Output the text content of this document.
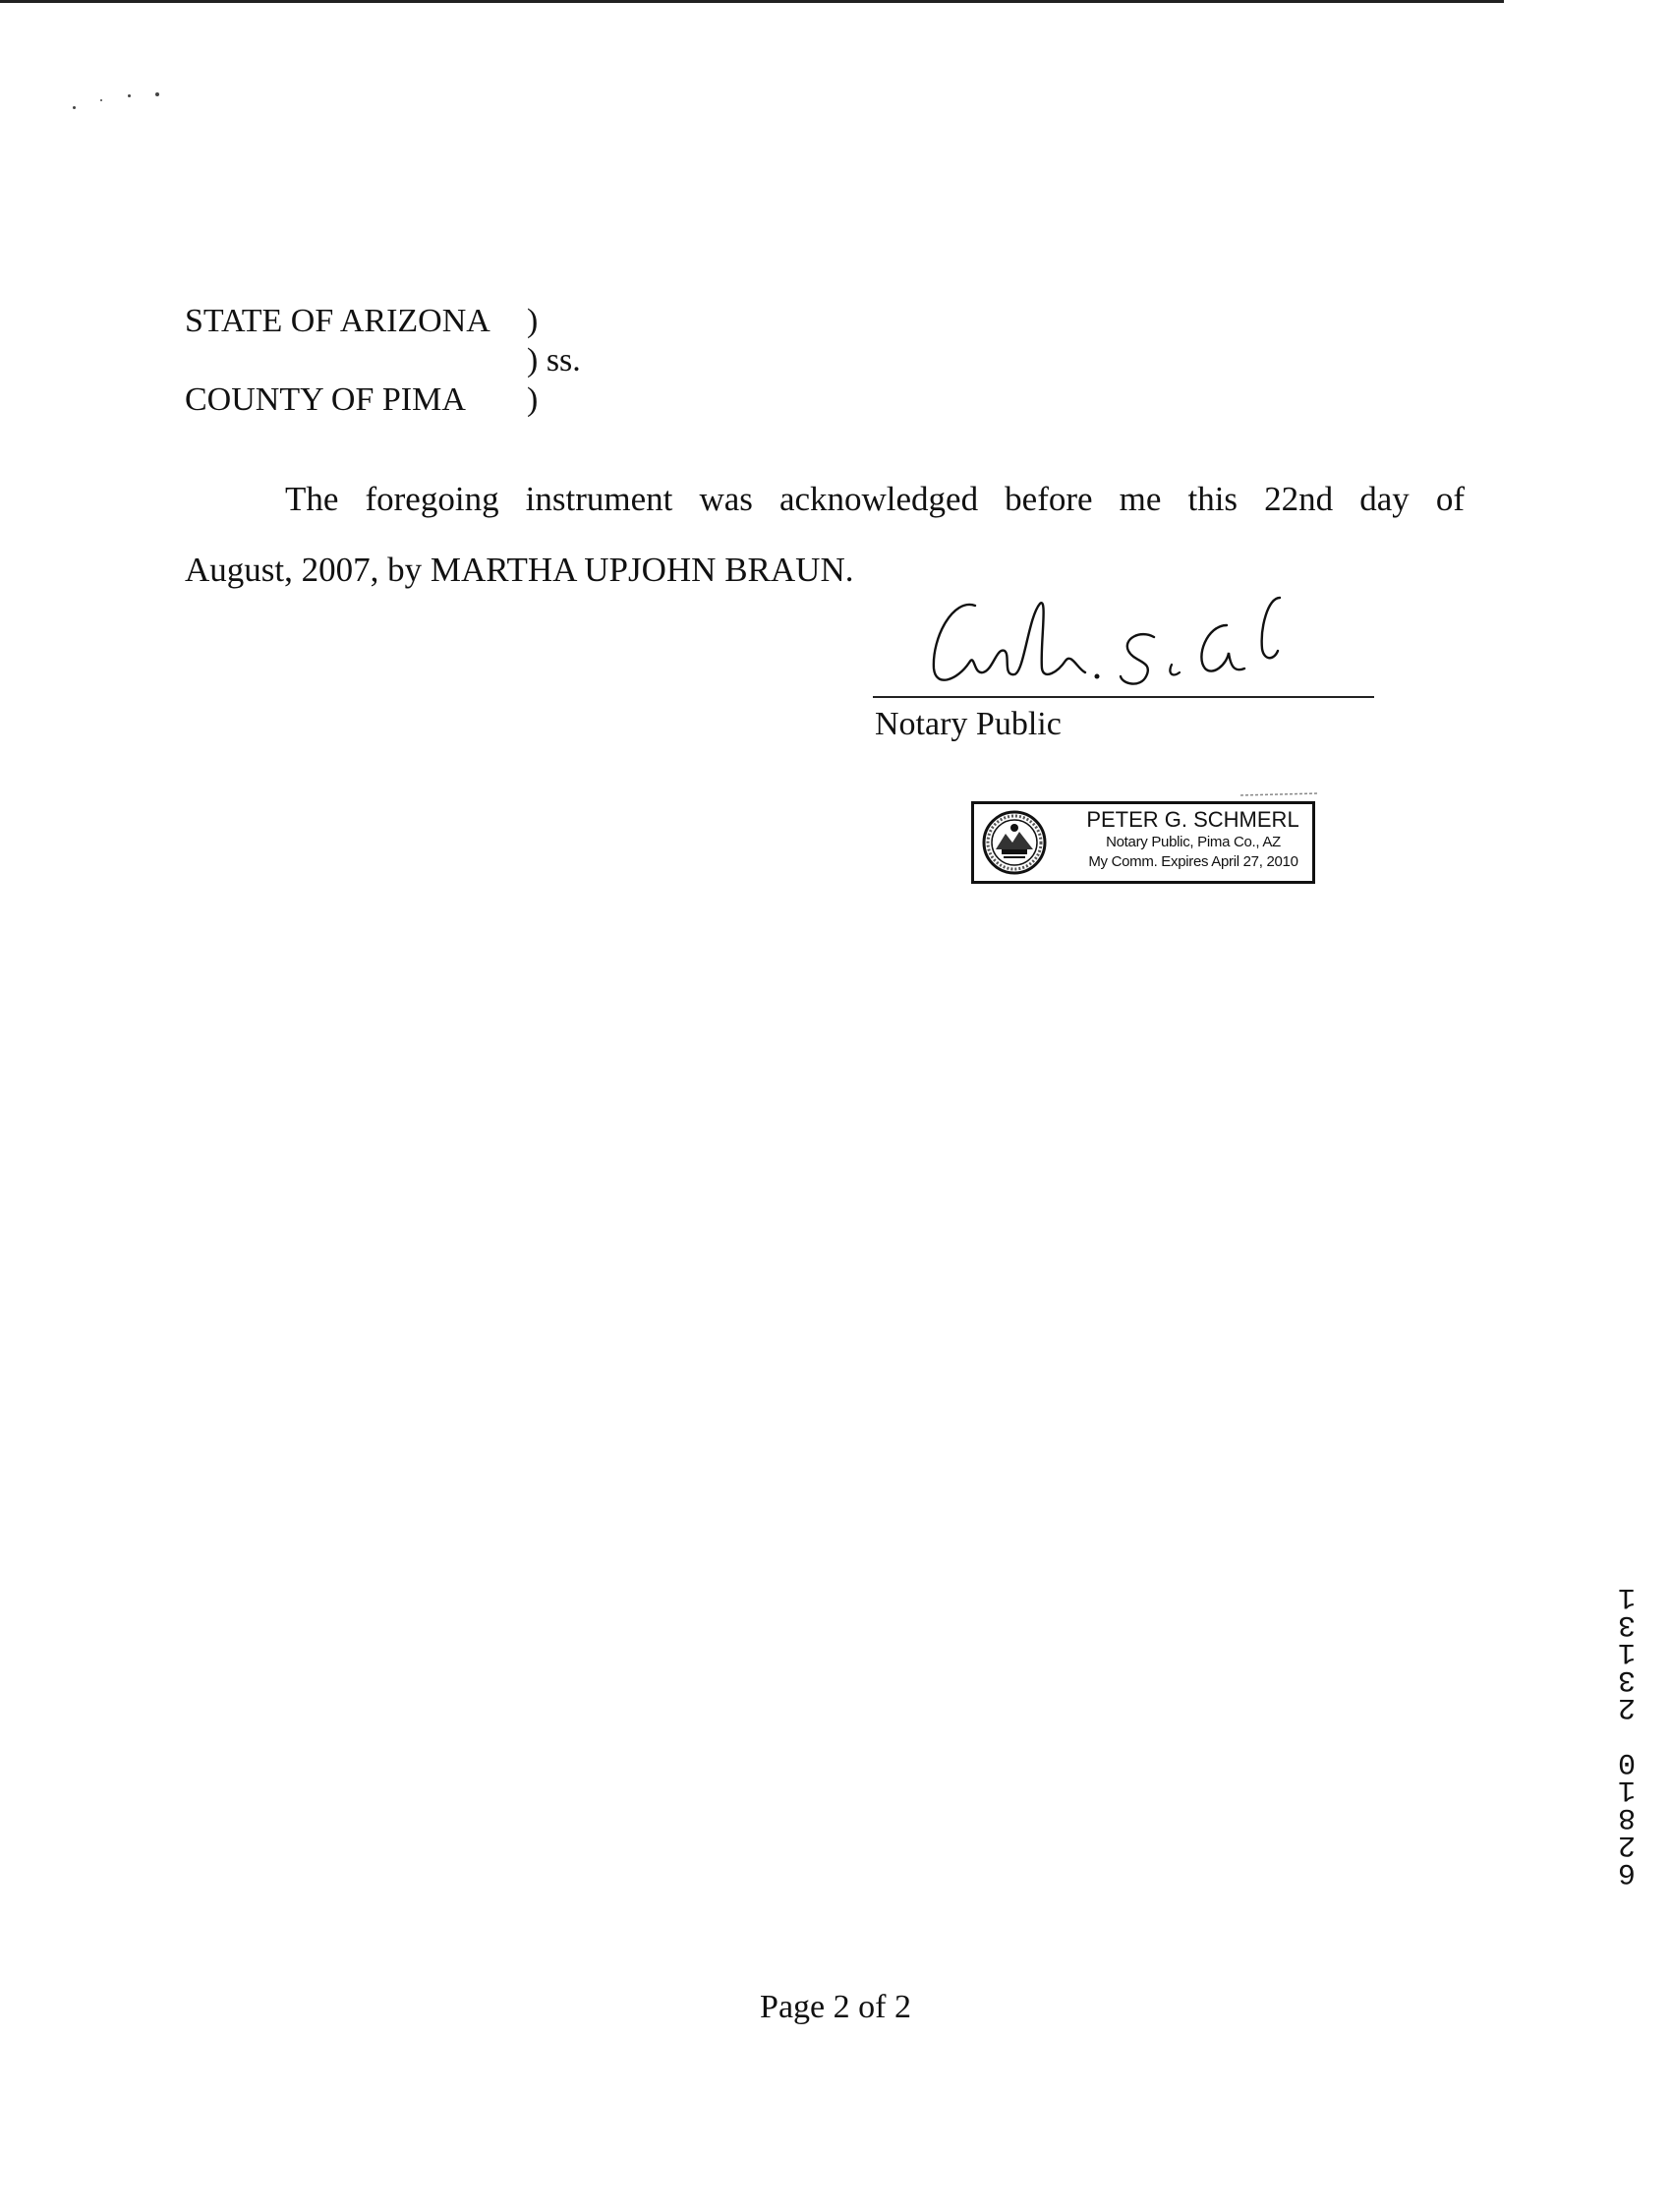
STATE OF ARIZONA )
) ss.
COUNTY OF PIMA )
The foregoing instrument was acknowledged before me this 22nd day of
August, 2007, by MARTHA UPJOHN BRAUN.
Notary Public
PETER G. SCHMERL
Notary Public, Pima Co., AZ
My Comm. Expires April 27, 2010
6
2
8
1
0
2
3
1
3
1
Page 2 of 2
